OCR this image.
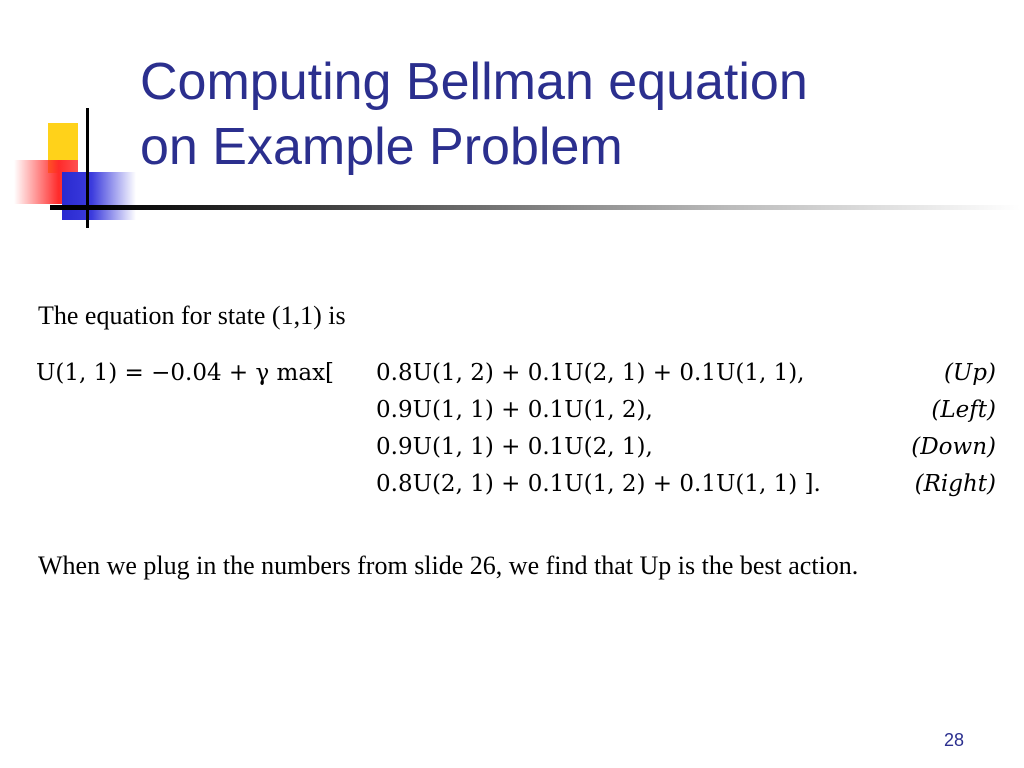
Computing Bellman equation
on Example Problem
The equation for state (1,1) is
U(1, 1) = −0.04 + γ max[ 0.8U(1, 2) + 0.1U(2, 1) + 0.1U(1, 1),	(Up)
0.9U(1, 1) + 0.1U(1, 2),	(Left)
0.9U(1, 1) + 0.1U(2, 1),	(Down)
0.8U(2, 1) + 0.1U(1, 2) + 0.1U(1, 1) ].	(Right)
When we plug in the numbers from slide 26, we find that Up is the best action.
28
